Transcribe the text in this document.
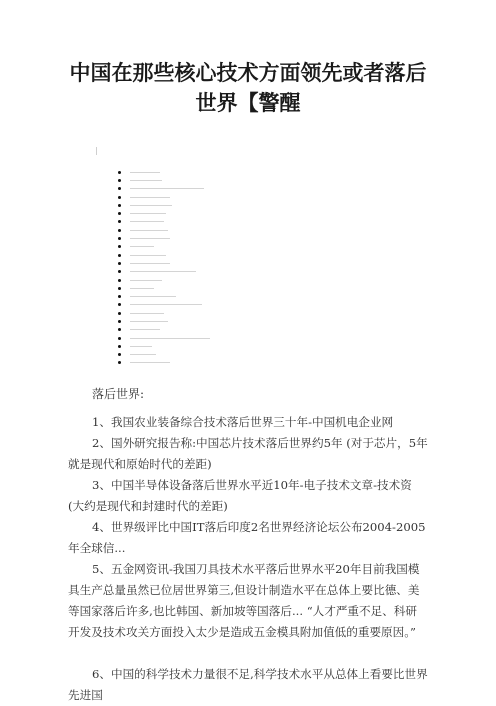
中国在那些核心技术方面领先或者落后
世界【警醒
落后世界:

1、我国农业装备综合技术落后世界三十年-中国机电企业网

2、国外研究报告称:中国芯片技术落后世界约5年 (对于芯片，5年就是现代和原始时代的差距)

3、中国半导体设备落后世界水平近10年-电子技术文章-技术资 (大约是现代和封建时代的差距)

4、世界级评比中国IT落后印度2名世界经济论坛公布2004-2005年全球信...

5、五金网资讯-我国刀具技术水平落后世界水平20年目前我国模具生产总量虽然已位居世界第三,但设计制造水平在总体上要比德、美等国家落后许多,也比韩国、新加坡等国落后... “人才严重不足、科研开发及技术攻关方面投入太少是造成五金模具附加值低的重要原因。”

6、中国的科学技术力量很不足,科学技术水平从总体上看要比世界先进国
